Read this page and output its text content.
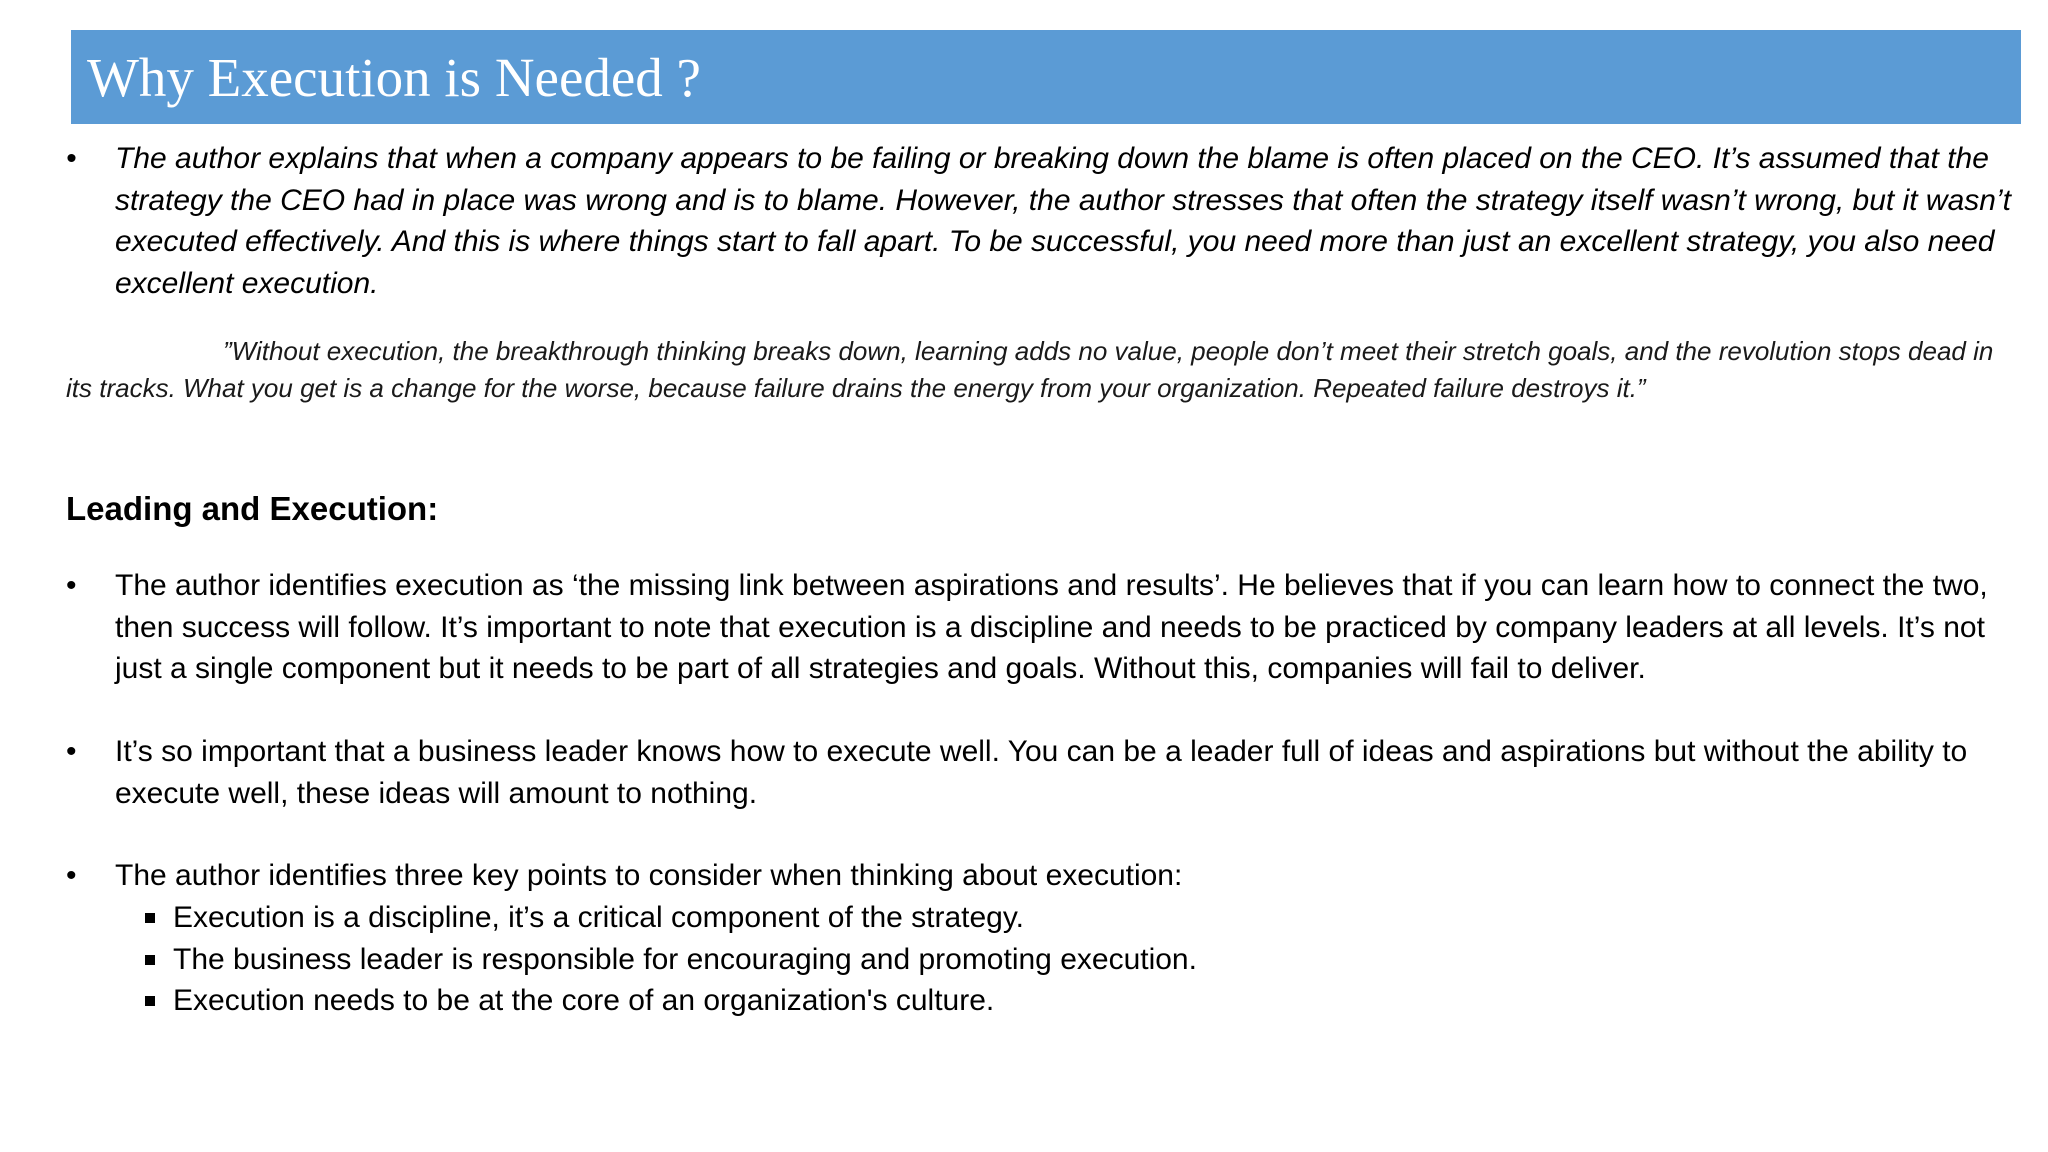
Why Execution is Needed ?
•	The author explains that when a company appears to be failing or breaking down the blame is often placed on the CEO. It’s assumed that the strategy the CEO had in place was wrong and is to blame. However, the author stresses that often the strategy itself wasn’t wrong, but it wasn’t executed effectively. And this is where things start to fall apart. To be successful, you need more than just an excellent strategy, you also need excellent execution.
”Without execution, the breakthrough thinking breaks down, learning adds no value, people don’t meet their stretch goals, and the revolution stops dead in its tracks. What you get is a change for the worse, because failure drains the energy from your organization. Repeated failure destroys it.”
Leading and Execution:
•	The author identifies execution as ‘the missing link between aspirations and results’. He believes that if you can learn how to connect the two, then success will follow. It’s important to note that execution is a discipline and needs to be practiced by company leaders at all levels. It’s not just a single component but it needs to be part of all strategies and goals. Without this, companies will fail to deliver.
•	It’s so important that a business leader knows how to execute well. You can be a leader full of ideas and aspirations but without the ability to execute well, these ideas will amount to nothing.
•	The author identifies three key points to consider when thinking about execution:
Execution is a discipline, it’s a critical component of the strategy.
The business leader is responsible for encouraging and promoting execution.
Execution needs to be at the core of an organization's culture.
